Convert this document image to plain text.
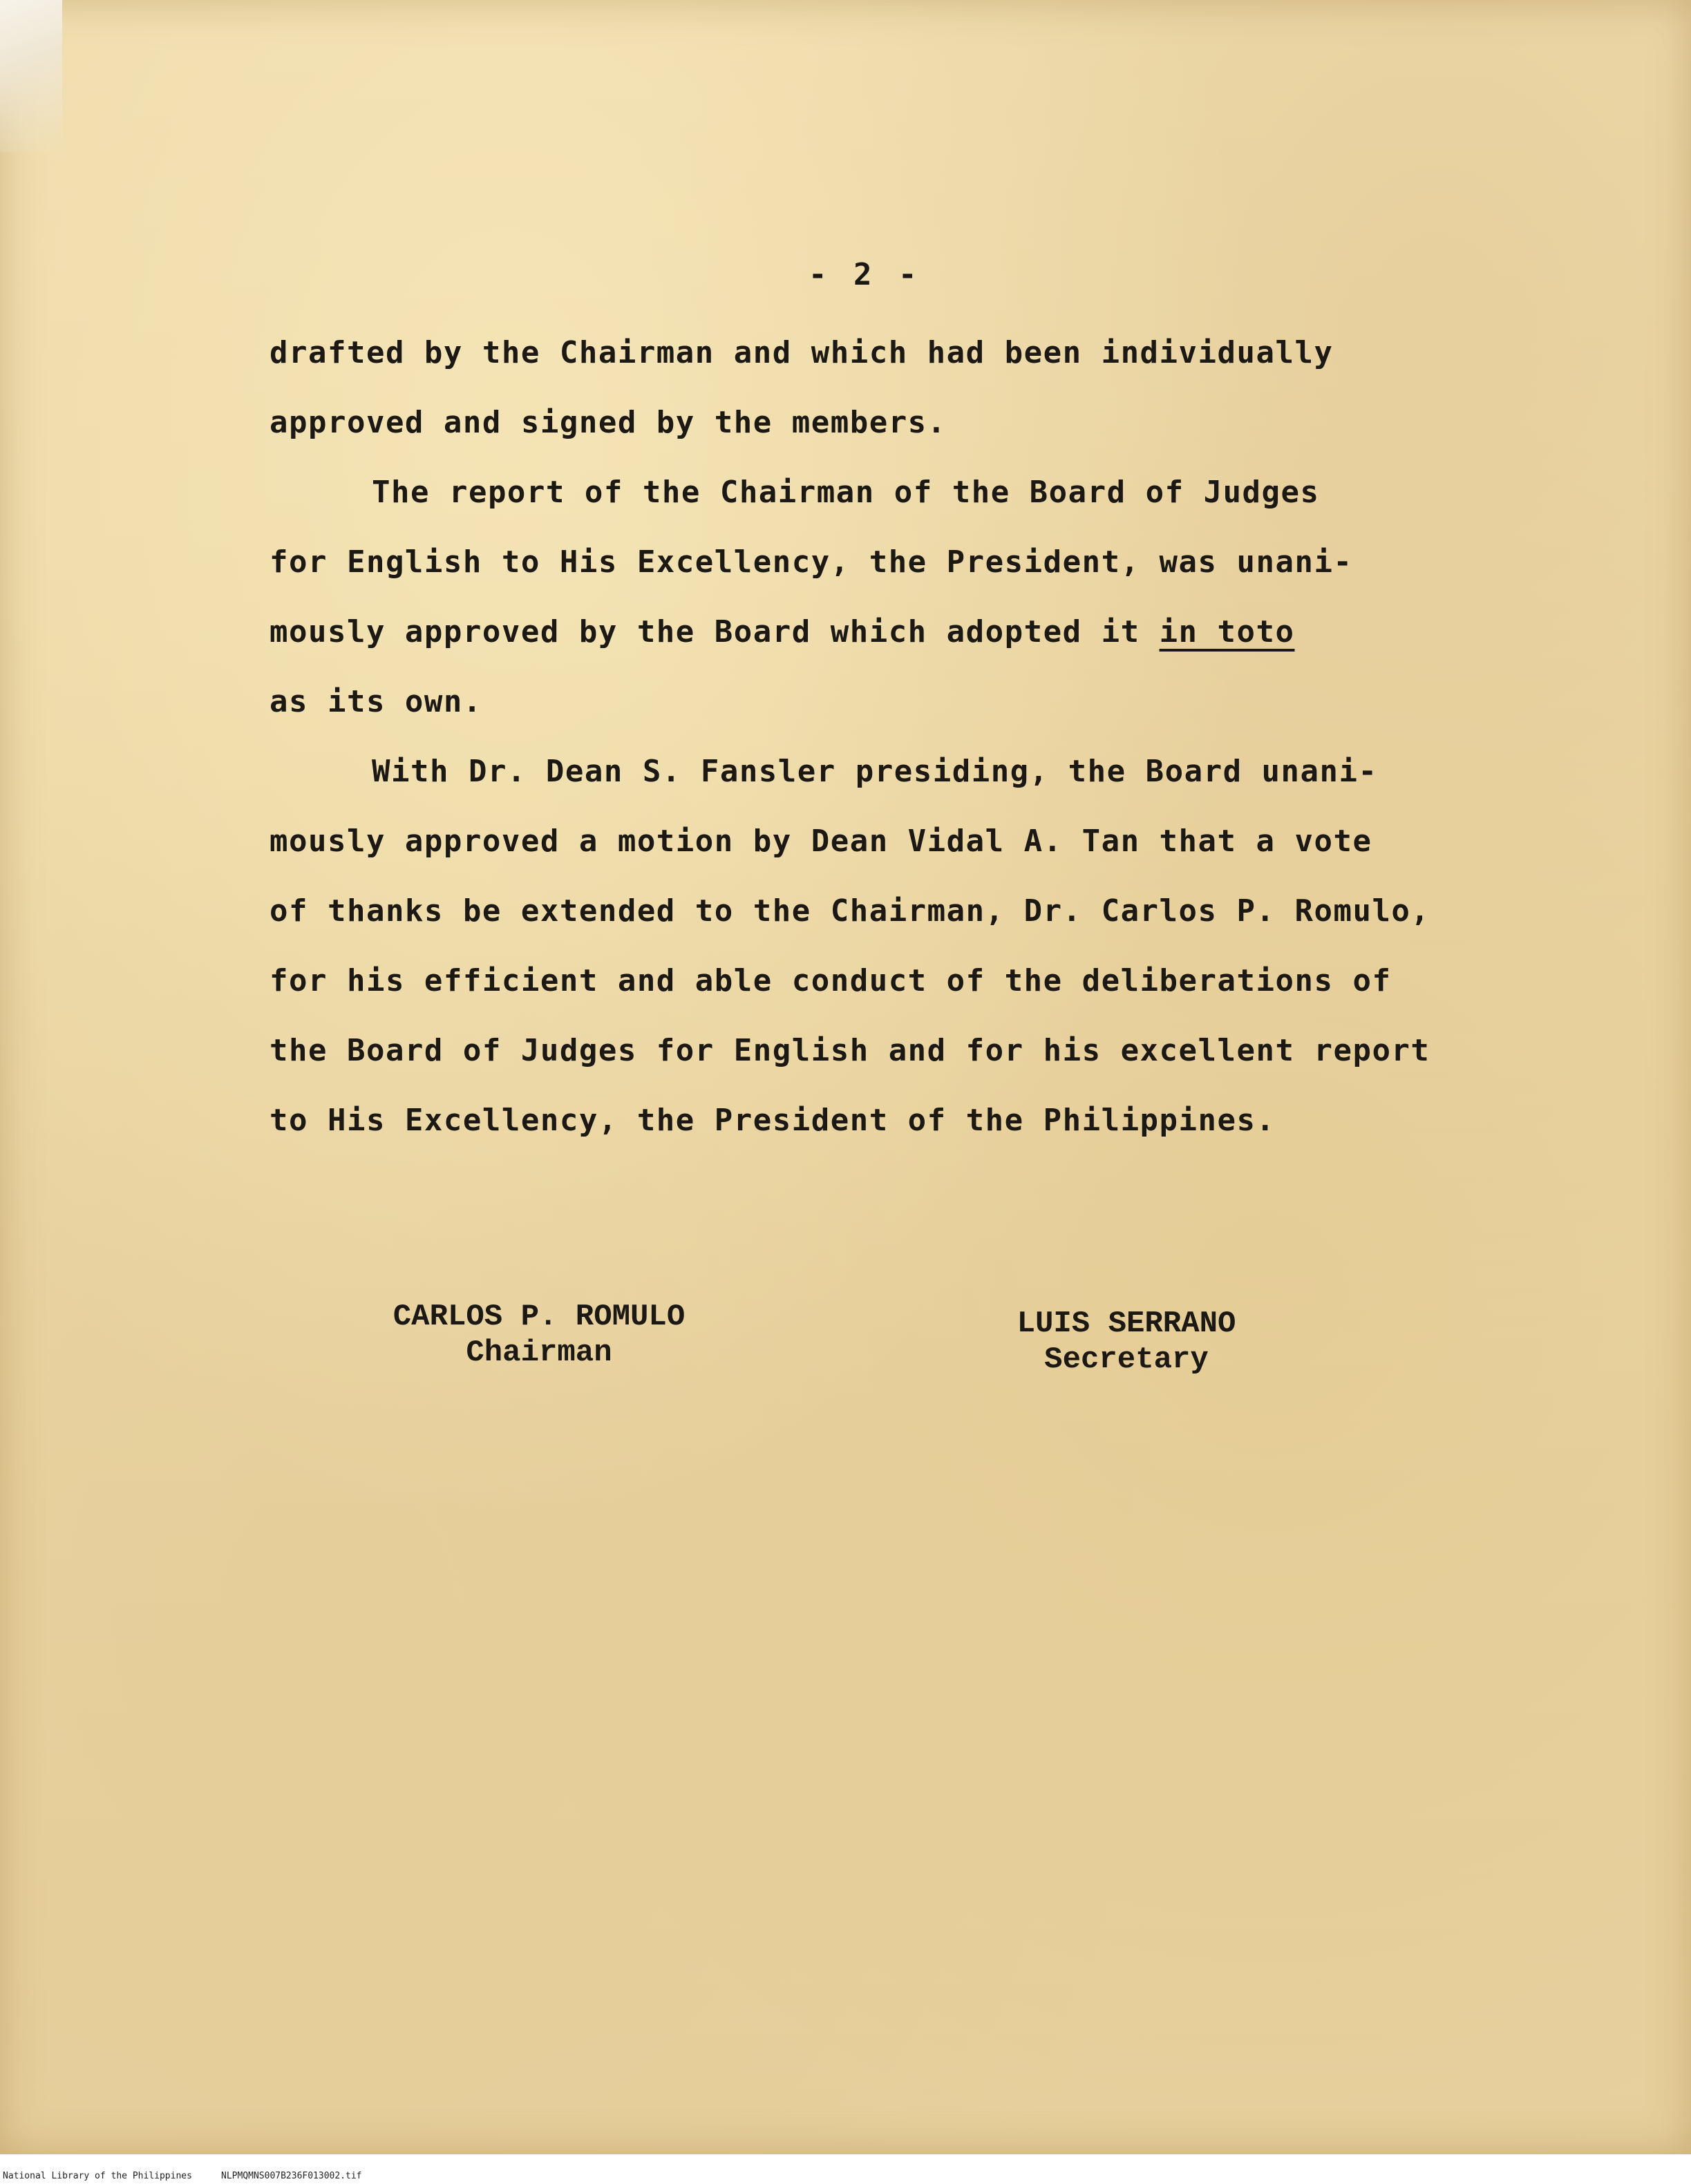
- 2 -
drafted by the Chairman and which had been individually
approved and signed by the members.
The report of the Chairman of the Board of Judges
for English to His Excellency, the President, was unani-
mously approved by the Board which adopted it in toto
as its own.
With Dr. Dean S. Fansler presiding, the Board unani-
mously approved a motion by Dean Vidal A. Tan that a vote
of thanks be extended to the Chairman, Dr. Carlos P. Romulo,
for his efficient and able conduct of the deliberations of
the Board of Judges for English and for his excellent report
to His Excellency, the President of the Philippines.
CARLOS P. ROMULO
Chairman
LUIS SERRANO
Secretary
National Library of the Philippines	NLPMQMNS007B236F013002.tif
